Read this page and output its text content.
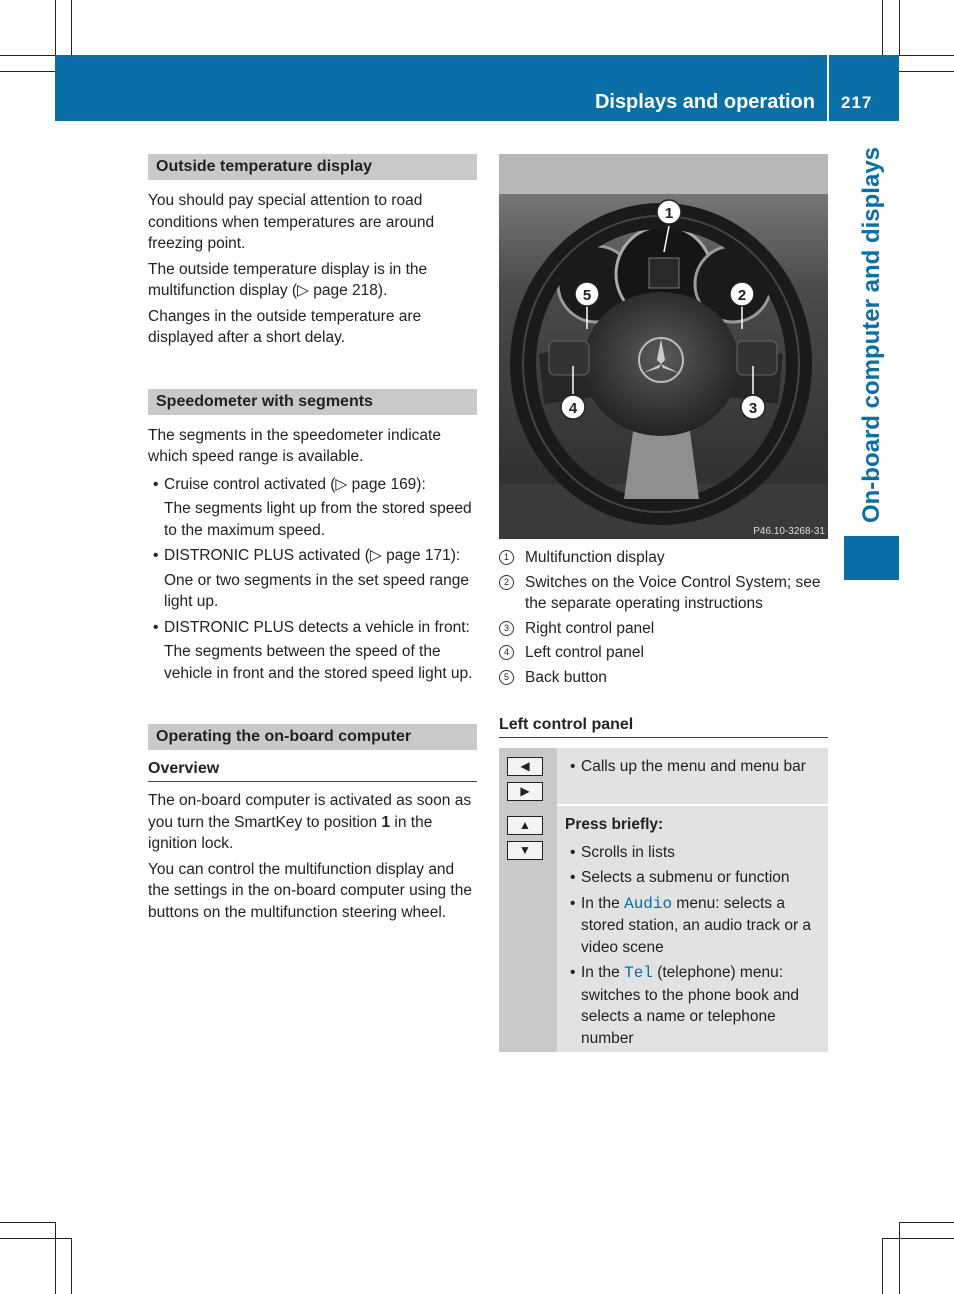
Displays and operation 217
On-board computer and displays
Outside temperature display

You should pay special attention to road conditions when temperatures are around freezing point.

The outside temperature display is in the multifunction display (▷ page 218).

Changes in the outside temperature are displayed after a short delay.

Speedometer with segments

The segments in the speedometer indicate which speed range is available.

• Cruise control activated (▷ page 169):
The segments light up from the stored speed to the maximum speed.
• DISTRONIC PLUS activated (▷ page 171):
One or two segments in the set speed range light up.
• DISTRONIC PLUS detects a vehicle in front:
The segments between the speed of the vehicle in front and the stored speed light up.
Operating the on-board computer
Overview

The on-board computer is activated as soon as you turn the SmartKey to position 1 in the ignition lock.

You can control the multifunction display and the settings in the on-board computer using the buttons on the multifunction steering wheel.

1
2
3
4
5
P46.10-3268-31
1	Multifunction display
2	Switches on the Voice Control System; see the separate operating instructions
3	Right control panel
4	Left control panel
5	Back button
Left control panel
◀
▶
• Calls up the menu and menu bar
▲
▼
Press briefly:
• Scrolls in lists
• Selects a submenu or function
• In the Audio menu: selects a stored station, an audio track or a video scene
• In the Tel (telephone) menu: switches to the phone book and selects a name or telephone number
